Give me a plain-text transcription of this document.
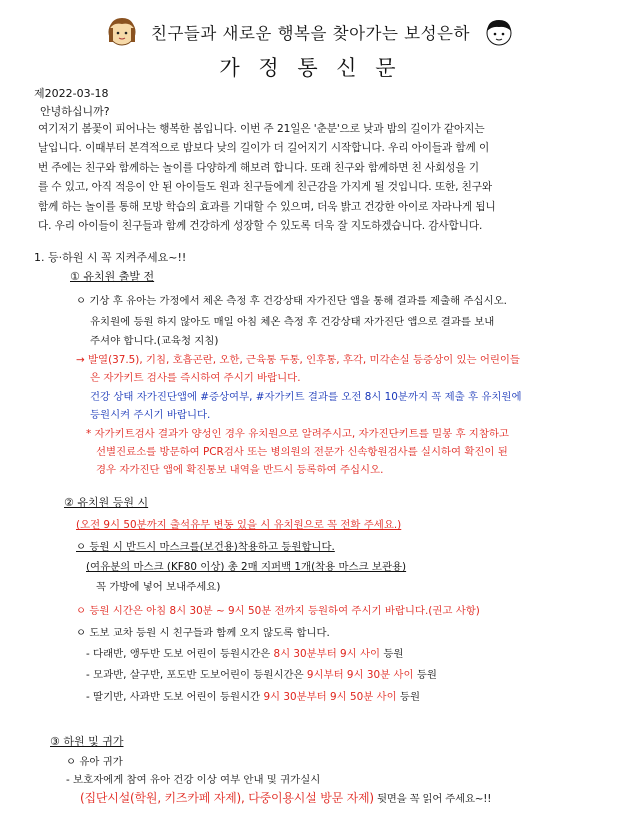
친구들과 새로운 행복을 찾아가는 보성은하
가 정 통 신 문
제2022-03-18
안녕하십니까?
여기저기 봄꽃이 피어나는 행복한 봄입니다. 이번 주 21일은 '춘분'으로 낮과 밤의 길이가 같아지는
날입니다. 이때부터 본격적으로 밤보다 낮의 길이가 더 길어지기 시작합니다. 우리 아이들과 함께 이
번 주에는 친구와 함께하는 놀이를 다양하게 해보려 합니다. 또래 친구와 함께하면 친 사회성을 기
를 수 있고, 아직 적응이 안 된 아이들도 원과 친구들에게 친근감을 가지게 될 것입니다. 또한, 친구와
함께 하는 놀이를 통해 모방 학습의 효과를 기대할 수 있으며, 더욱 밝고 건강한 아이로 자라나게 됩니
다. 우리 아이들이 친구들과 함께 건강하게 성장할 수 있도록 더욱 잘 지도하겠습니다. 감사합니다.
1. 등·하원 시 꼭 지켜주세요~!!
① 유치원 출발 전
ㅇ 기상 후 유아는 가정에서 체온 측정 후 건강상태 자가진단 앱을 통해 결과를 제출해 주십시오.
유치원에 등원 하지 않아도 매일 아침 체온 측정 후 건강상태 자가진단 앱으로 결과를 보내
주셔야 합니다.(교육청 지침)
→ 발열(37.5), 기침, 호흡곤란, 오한, 근육통 두통, 인후통, 후각, 미각손실 등증상이 있는 어린이들
은 자가키트 검사를 즉시하여 주시기 바랍니다.
건강 상태 자가진단앱에 #증상여부, #자가키트 결과를 오전 8시 10분까지 꼭 제출 후 유치원에
등원시켜 주시기 바랍니다.
* 자가키트검사 결과가 양성인 경우 유치원으로 알려주시고, 자가진단키트를 밀봉 후 지참하고
선별진료소를 방문하여 PCR검사 또는 병의원의 전문가 신속항원검사를 실시하여 확진이 된
경우 자가진단 앱에 확진통보 내역을 반드시 등록하여 주십시오.
② 유치원 등원 시
(오전 9시 50분까지 출석유무 변동 있을 시 유치원으로 꼭 전화 주세요.)
ㅇ 등원 시 반드시 마스크를(보건용)착용하고 등원합니다.
(여유분의 마스크 (KF80 이상) 총 2매 지퍼백 1개(착용 마스크 보관용)
꼭 가방에 넣어 보내주세요)
ㅇ 등원 시간은 아침 8시 30분 ~ 9시 50분 전까지 등원하여 주시기 바랍니다.(권고 사항)
ㅇ 도보 교차 등원 시 친구들과 함께 오지 않도록 합니다.
- 다래반, 앵두반 도보 어린이 등원시간은 8시 30분부터 9시 사이 등원
- 모과반, 살구반, 포도반 도보어린이 등원시간은 9시부터 9시 30분 사이 등원
- 딸기반, 사과반 도보 어린이 등원시간 9시 30분부터 9시 50분 사이 등원
③ 하원 및 귀가
ㅇ 유아 귀가
- 보호자에게 참여 유아 건강 이상 여부 안내 및 귀가실시
(집단시설(학원, 키즈카페 자제), 다중이용시설 방문 자제) 뒷면을 꼭 읽어 주세요~!!
